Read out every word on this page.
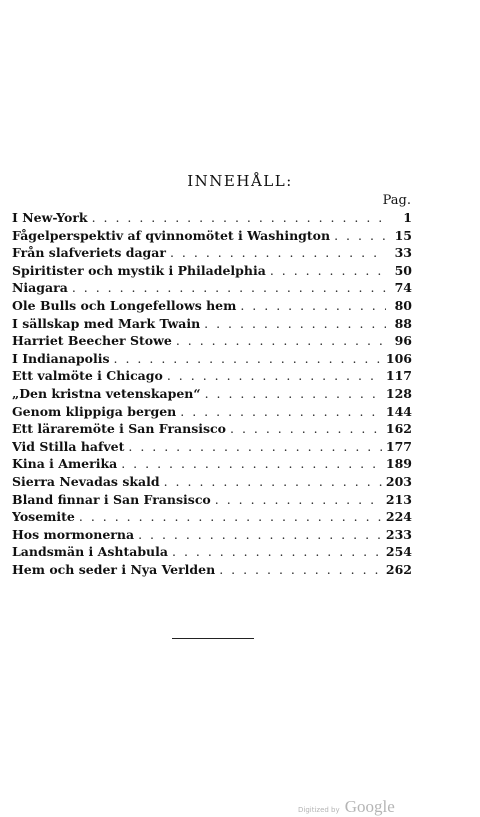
INNEHÅLL:
Pag.
I New-York . . .	1
Fågelperspektiv af qvinnomötet i Washington . . .	15
Från slafveriets dagar . . .	33
Spiritister och mystik i Philadelphia . . .	50
Niagara . . .	74
Ole Bulls och Longefellows hem . . .	80
I sällskap med Mark Twain . . .	88
Harriet Beecher Stowe . . .	96
I Indianapolis . . .	106
Ett valmöte i Chicago . . .	117
„Den kristna vetenskapen“ . . .	128
Genom klippiga bergen . . .	144
Ett läraremöte i San Fransisco . . .	162
Vid Stilla hafvet . . .	177
Kina i Amerika . . .	189
Sierra Nevadas skald . . .	203
Bland finnar i San Fransisco . . .	213
Yosemite . . .	224
Hos mormonerna . . .	233
Landsmän i Ashtabula . . .	254
Hem och seder i Nya Verlden . . .	262
Digitized by Google
